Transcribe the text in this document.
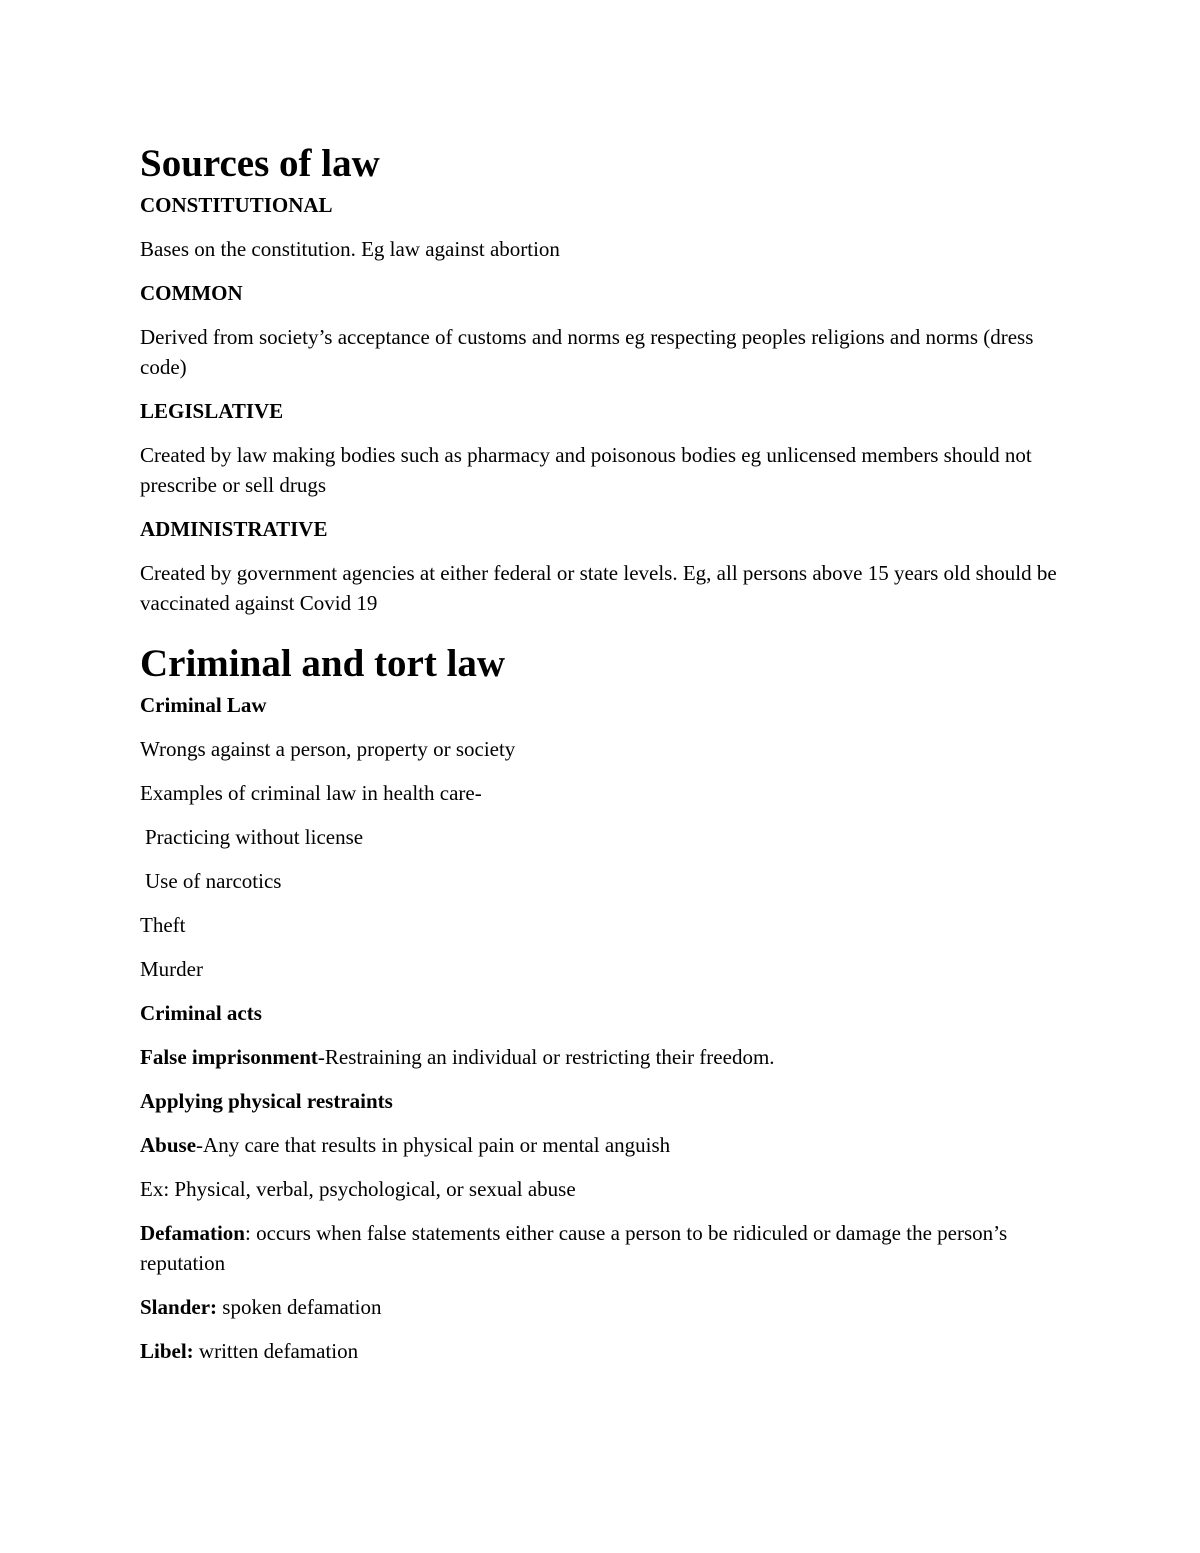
Sources of law
CONSTITUTIONAL

Bases on the constitution. Eg law against abortion

COMMON

Derived from society’s acceptance of customs and norms eg respecting peoples religions and norms (dress code)

LEGISLATIVE

Created by law making bodies such as pharmacy and poisonous bodies eg unlicensed members should not prescribe or sell drugs

ADMINISTRATIVE

Created by government agencies at either federal or state levels. Eg, all persons above 15 years old should be vaccinated against Covid 19

Criminal and tort law
Criminal Law

Wrongs against a person, property or society

Examples of criminal law in health care-

Practicing without license

Use of narcotics

Theft

Murder

Criminal acts

False imprisonment-Restraining an individual or restricting their freedom.

Applying physical restraints

Abuse-Any care that results in physical pain or mental anguish

Ex: Physical, verbal, psychological, or sexual abuse

Defamation: occurs when false statements either cause a person to be ridiculed or damage the person’s reputation

Slander: spoken defamation

Libel: written defamation
